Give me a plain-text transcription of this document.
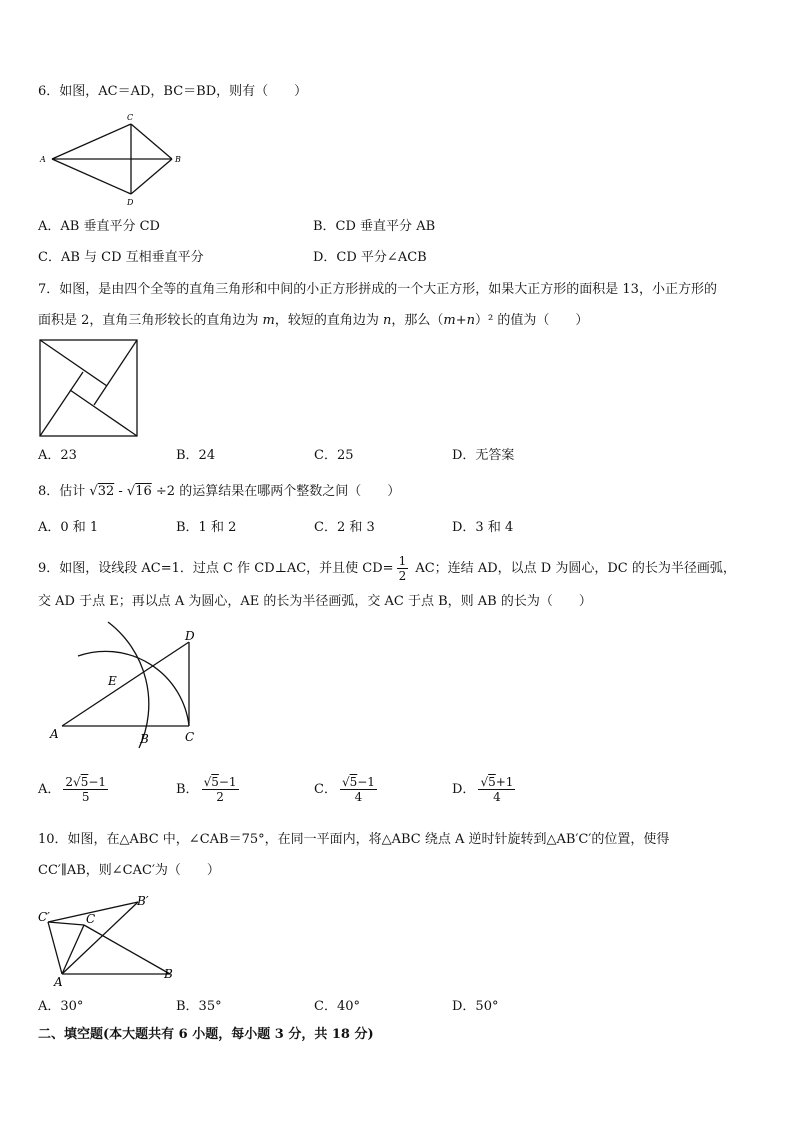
6．如图，AC＝AD，BC＝BD，则有（　　）
A	B
C
D
A．AB 垂直平分 CD	B．CD 垂直平分 AB
C．AB 与 CD 互相垂直平分	D．CD 平分∠ACB
7．如图，是由四个全等的直角三角形和中间的小正方形拼成的一个大正方形，如果大正方形的面积是 13，小正方形的
面积是 2，直角三角形较长的直角边为 m，较短的直角边为 n，那么（m+n）² 的值为（　　）
A．23	B．24	C．25	D．无答案
8．估计 √32 - √16 ÷2 的运算结果在哪两个整数之间（　　）
A．0 和 1	B．1 和 2	C．2 和 3	D．3 和 4
9．如图，设线段 AC=1．过点 C 作 CD⊥AC，并且使 $CD= \frac{1}{2}$ AC；连结 AD，以点 D 为圆心，DC 的长为半径画弧，
交 AD 于点 E；再以点 A 为圆心，AE 的长为半径画弧，交 AC 于点 B，则 AB 的长为（　　）
A	B	C
D
E
A． $\frac{2√5-1}{5}$	B． $\frac{√5-1}{2}$	C． $\frac{√5-1}{4}$	D． $\frac{√5+1}{4}$
10．如图，在△ABC 中，∠CAB＝75°，在同一平面内，将△ABC 绕点 A 逆时针旋转到△AB′C′的位置，使得
CC′∥AB，则∠CAC′为（　　）
A
B
C
B′
C′
A．30°	B．35°	C．40°	D．50°
二、填空题(本大题共有 6 小题，每小题 3 分，共 18 分)
